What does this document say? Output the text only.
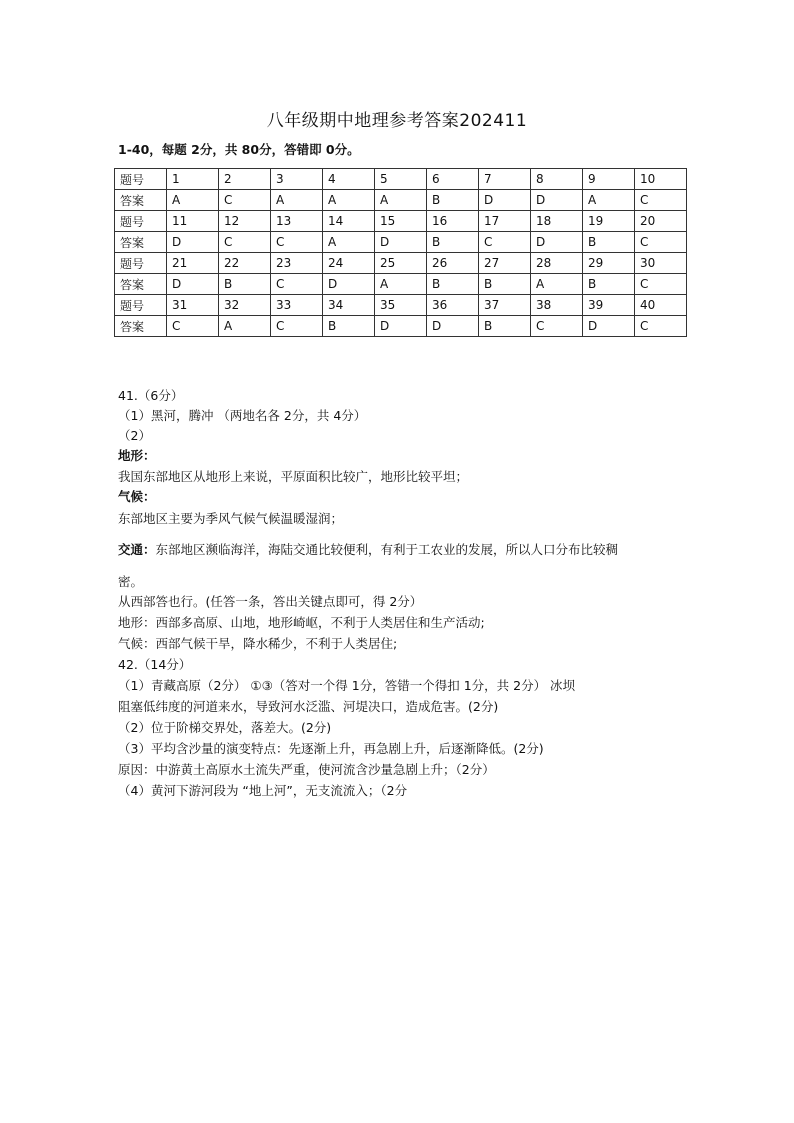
八年级期中地理参考答案202411
1-40，每题 2分，共 80分，答错即 0分。
题号	1	2	3	4	5	6	7	8	9	10
答案	A	C	A	A	A	B	D	D	A	C
题号	11	12	13	14	15	16	17	18	19	20
答案	D	C	C	A	D	B	C	D	B	C
题号	21	22	23	24	25	26	27	28	29	30
答案	D	B	C	D	A	B	B	A	B	C
题号	31	32	33	34	35	36	37	38	39	40
答案	C	A	C	B	D	D	B	C	D	C
41.（6分）
（1）黑河，腾冲 （两地名各 2分，共 4分）
（2）
地形：
我国东部地区从地形上来说，平原面积比较广，地形比较平坦；
气候：
东部地区主要为季风气候气候温暖湿润；
交通：东部地区濒临海洋，海陆交通比较便利，有利于工农业的发展，所以人口分布比较稠
密。
从西部答也行。(任答一条，答出关键点即可，得 2分）
地形：西部多高原、山地，地形崎岖，不利于人类居住和生产活动;
气候：西部气候干旱，降水稀少，不利于人类居住;
42.（14分）
（1）青藏高原（2分） ①③（答对一个得 1分，答错一个得扣 1分，共 2分） 冰坝
阻塞低纬度的河道来水，导致河水泛滥、河堤决口，造成危害。(2分)
（2）位于阶梯交界处，落差大。(2分)
（3）平均含沙量的演变特点：先逐渐上升，再急剧上升，后逐渐降低。(2分)
原因：中游黄土高原水土流失严重，使河流含沙量急剧上升；（2分）
（4）黄河下游河段为 “地上河”，无支流流入；（2分
